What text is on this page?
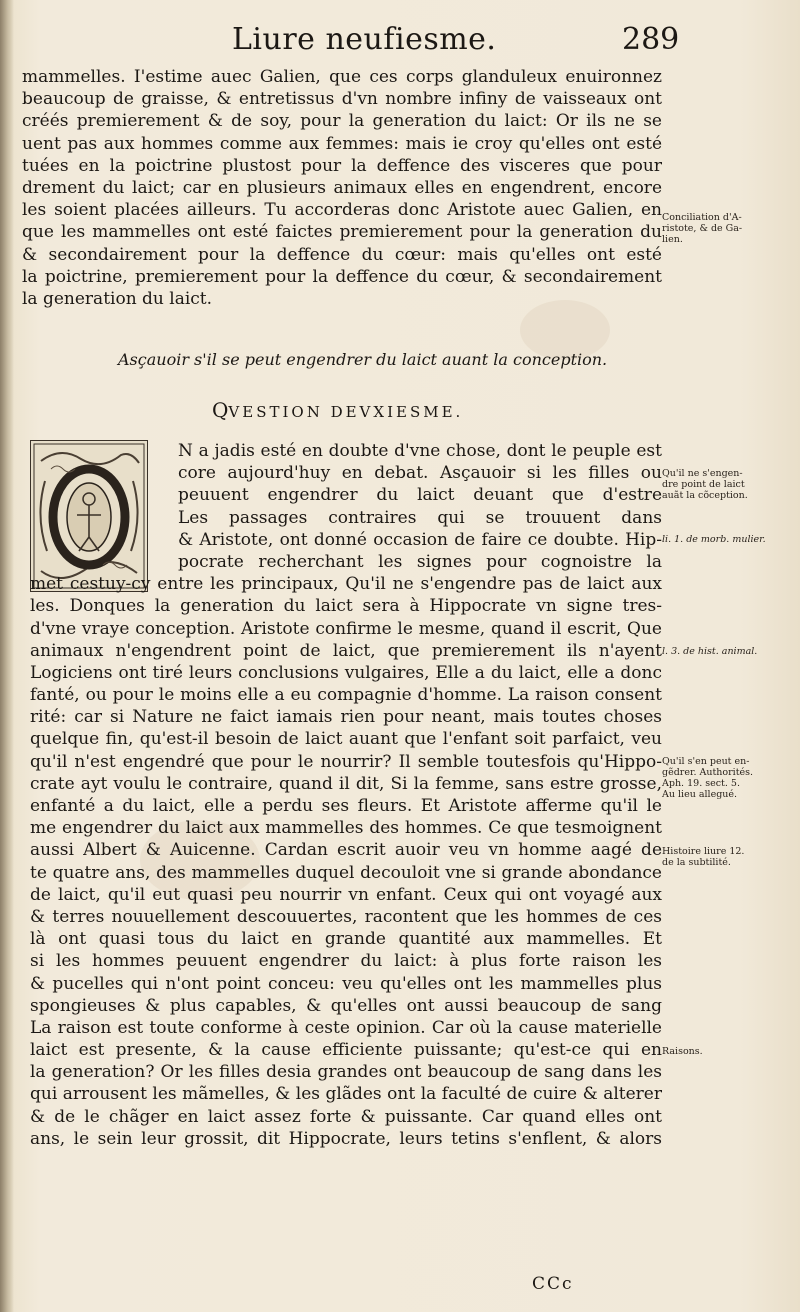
Liure neufiesme.	289
mammelles. I'estime auec Galien, que ces corps glanduleux enuironnez
beaucoup de graisse, & entretissus d'vn nombre infiny de vaisseaux ont
créés premierement & de soy, pour la generation du laict: Or ils ne se
uent pas aux hommes comme aux femmes: mais ie croy qu'elles ont esté
tuées en la poictrine plustost pour la deffence des visceres que pour
drement du laict; car en plusieurs animaux elles en engendrent, encore
les soient placées ailleurs. Tu accorderas donc Aristote auec Galien, en
que les mammelles ont esté faictes premierement pour la generation du
& secondairement pour la deffence du cœur: mais qu'elles ont esté
la poictrine, premierement pour la deffence du cœur, & secondairement
la generation du laict.
Asçauoir s'il se peut engendrer du laict auant la conception.
QVESTION DEVXIESME.
N a jadis esté en doubte d'vne chose, dont le peuple est
core aujourd'huy en debat. Asçauoir si les filles ou
peuuent engendrer du laict deuant que d'estre
Les passages contraires qui se trouuent dans
& Aristote, ont donné occasion de faire ce doubte. Hip-
pocrate recherchant les signes pour cognoistre la
met cestuy-cy entre les principaux, Qu'il ne s'engendre pas de laict aux
les. Donques la generation du laict sera à Hippocrate vn signe tres-
d'vne vraye conception. Aristote confirme le mesme, quand il escrit, Que
animaux n'engendrent point de laict, que premierement ils n'ayent
Logiciens ont tiré leurs conclusions vulgaires, Elle a du laict, elle a donc
fanté, ou pour le moins elle a eu compagnie d'homme. La raison consent
rité: car si Nature ne faict iamais rien pour neant, mais toutes choses
quelque fin, qu'est-il besoin de laict auant que l'enfant soit parfaict, veu
qu'il n'est engendré que pour le nourrir? Il semble toutesfois qu'Hippo-
crate ayt voulu le contraire, quand il dit, Si la femme, sans estre grosse,
enfanté a du laict, elle a perdu ses fleurs. Et Aristote afferme qu'il le
me engendrer du laict aux mammelles des hommes. Ce que tesmoignent
aussi Albert & Auicenne. Cardan escrit auoir veu vn homme aagé de
te quatre ans, des mammelles duquel decouloit vne si grande abondance
de laict, qu'il eut quasi peu nourrir vn enfant. Ceux qui ont voyagé aux
& terres nouuellement descouuertes, racontent que les hommes de ces
là ont quasi tous du laict en grande quantité aux mammelles. Et
si les hommes peuuent engendrer du laict: à plus forte raison les
& pucelles qui n'ont point conceu: veu qu'elles ont les mammelles plus
spongieuses & plus capables, & qu'elles ont aussi beaucoup de sang
La raison est toute conforme à ceste opinion. Car où la cause materielle
laict est presente, & la cause efficiente puissante; qu'est-ce qui en
la generation? Or les filles desia grandes ont beaucoup de sang dans les
qui arrousent les mãmelles, & les glãdes ont la faculté de cuire & alterer
& de le chãger en laict assez forte & puissante. Car quand elles ont
ans, le sein leur grossit, dit Hippocrate, leurs tetins s'enflent, & alors
Conciliation d'A-
ristote, & de Ga-
lien.
Qu'il ne s'engen-
dre point de laict
auãt la cõception.
li. 1. de morb. mulier.
l. 3. de hist. animal.
Qu'il s'en peut en-
gẽdrer. Authorités.
Aph. 19. sect. 5.
Au lieu allegué.
Histoire liure 12.
de la subtilité.
Raisons.
CCc
